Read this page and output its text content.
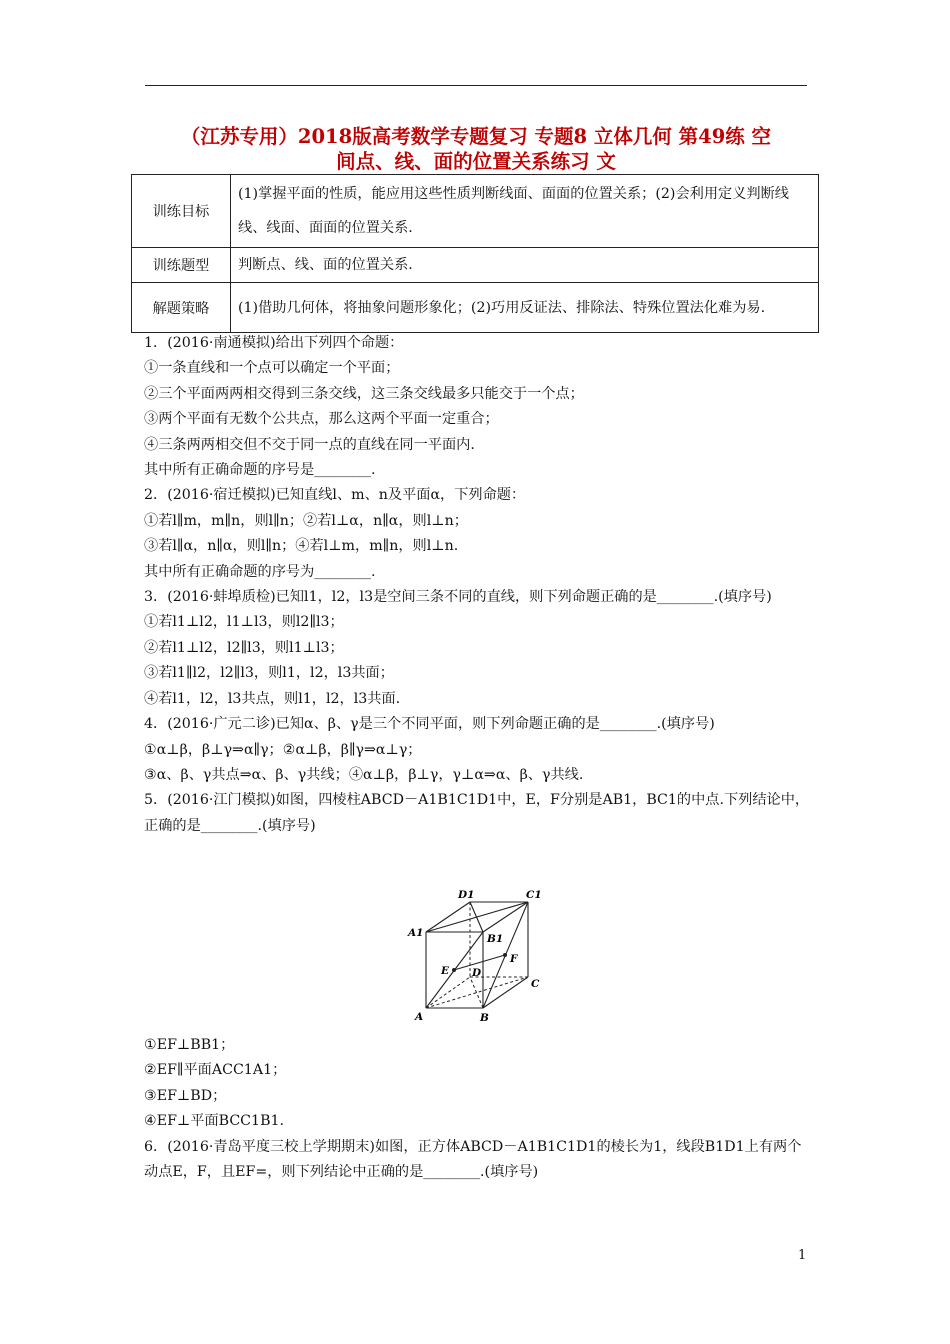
（江苏专用）2018版高考数学专题复习 专题8 立体几何 第49练 空
间点、线、面的位置关系练习 文
训练目标	(1)掌握平面的性质，能应用这些性质判断线面、面面的位置关系；(2)会利用定义判断线线、线面、面面的位置关系.
训练题型	判断点、线、面的位置关系.
解题策略	(1)借助几何体，将抽象问题形象化；(2)巧用反证法、排除法、特殊位置法化难为易.

1．(2016·南通模拟)给出下列四个命题：

①一条直线和一个点可以确定一个平面；

②三个平面两两相交得到三条交线，这三条交线最多只能交于一个点；

③两个平面有无数个公共点，那么这两个平面一定重合；

④三条两两相交但不交于同一点的直线在同一平面内.

其中所有正确命题的序号是________.

2．(2016·宿迁模拟)已知直线l、m、n及平面α，下列命题：

①若l∥m，m∥n，则l∥n；②若l⊥α，n∥α，则l⊥n；

③若l∥α，n∥α，则l∥n；④若l⊥m，m∥n，则l⊥n.

其中所有正确命题的序号为________.

3．(2016·蚌埠质检)已知l1，l2，l3是空间三条不同的直线，则下列命题正确的是________.(填序号)

①若l1⊥l2，l1⊥l3，则l2∥l3；

②若l1⊥l2，l2∥l3，则l1⊥l3；

③若l1∥l2，l2∥l3，则l1，l2，l3共面；

④若l1，l2，l3共点，则l1，l2，l3共面.

4．(2016·广元二诊)已知α、β、γ是三个不同平面，则下列命题正确的是________.(填序号)

①α⊥β，β⊥γ⇒α∥γ；②α⊥β，β∥γ⇒α⊥γ；

③α、β、γ共点⇒α、β、γ共线；④α⊥β，β⊥γ，γ⊥α⇒α、β、γ共线.

5．(2016·江门模拟)如图，四棱柱ABCD－A1B1C1D1中，E，F分别是AB1，BC1的中点.下列结论中，正确的是________.(填序号)

D1	C1
A1	B1
E D
F
C
A	B

①EF⊥BB1；

②EF∥平面ACC1A1；

③EF⊥BD；

④EF⊥平面BCC1B1.

6．(2016·青岛平度三校上学期期末)如图，正方体ABCD－A1B1C1D1的棱长为1，线段B1D1上有两个动点E，F，且EF=，则下列结论中正确的是________.(填序号)

1
